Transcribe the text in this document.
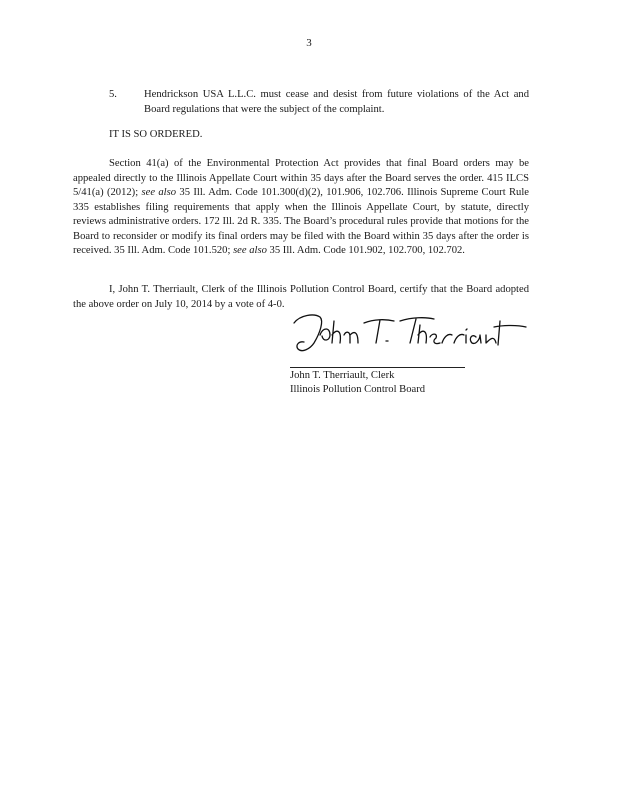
3
5.	Hendrickson USA L.L.C. must cease and desist from future violations of the Act and Board regulations that were the subject of the complaint.
IT IS SO ORDERED.
Section 41(a) of the Environmental Protection Act provides that final Board orders may be appealed directly to the Illinois Appellate Court within 35 days after the Board serves the order. 415 ILCS 5/41(a) (2012); see also 35 Ill. Adm. Code 101.300(d)(2), 101.906, 102.706. Illinois Supreme Court Rule 335 establishes filing requirements that apply when the Illinois Appellate Court, by statute, directly reviews administrative orders. 172 Ill. 2d R. 335. The Board’s procedural rules provide that motions for the Board to reconsider or modify its final orders may be filed with the Board within 35 days after the order is received. 35 Ill. Adm. Code 101.520; see also 35 Ill. Adm. Code 101.902, 102.700, 102.702.
I, John T. Therriault, Clerk of the Illinois Pollution Control Board, certify that the Board adopted the above order on July 10, 2014 by a vote of 4-0.
John T. Therriault, Clerk
Illinois Pollution Control Board
